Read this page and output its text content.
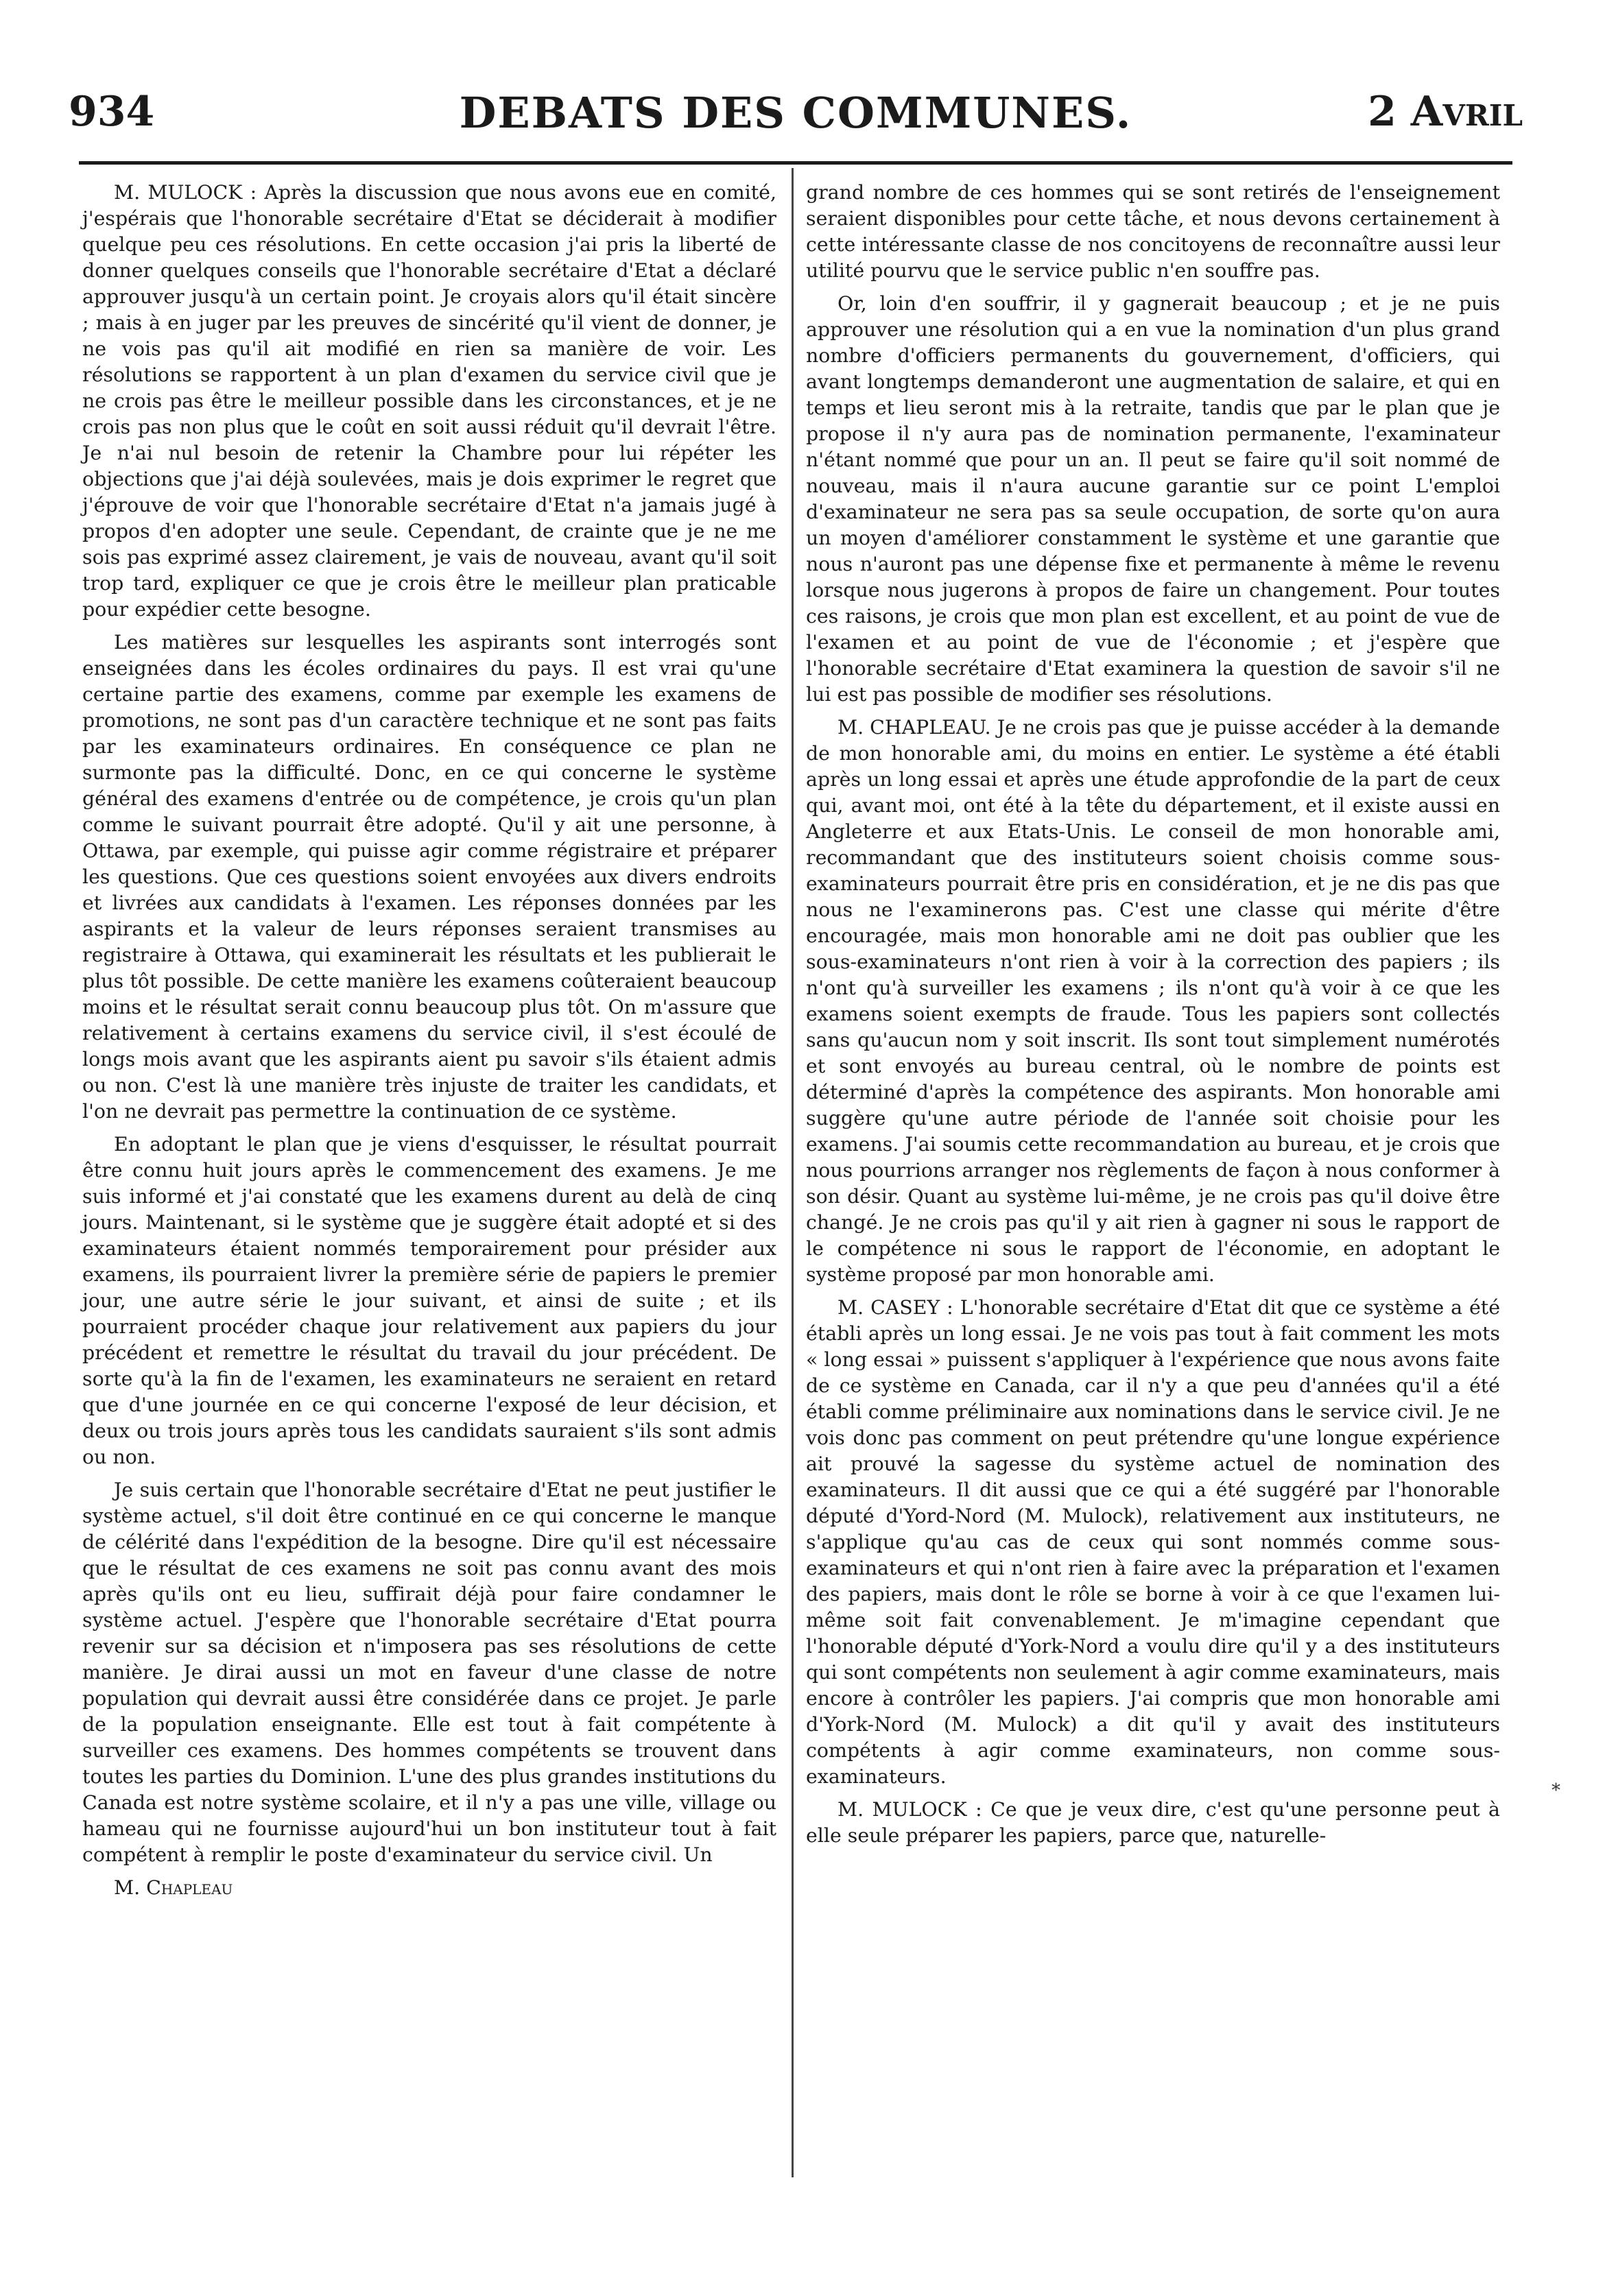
934	DEBATS DES COMMUNES.	2 Avril

M. MULOCK : Après la discussion que nous avons eue en comité, j'espérais que l'honorable secrétaire d'Etat se déciderait à modifier quelque peu ces résolutions. En cette occasion j'ai pris la liberté de donner quelques conseils que l'honorable secrétaire d'Etat a déclaré approuver jusqu'à un certain point. Je croyais alors qu'il était sincère ; mais à en juger par les preuves de sincérité qu'il vient de donner, je ne vois pas qu'il ait modifié en rien sa manière de voir. Les résolutions se rapportent à un plan d'examen du service civil que je ne crois pas être le meilleur possible dans les circonstances, et je ne crois pas non plus que le coût en soit aussi réduit qu'il devrait l'être. Je n'ai nul besoin de retenir la Chambre pour lui répéter les objections que j'ai déjà soulevées, mais je dois exprimer le regret que j'éprouve de voir que l'honorable secrétaire d'Etat n'a jamais jugé à propos d'en adopter une seule. Cependant, de crainte que je ne me sois pas exprimé assez clairement, je vais de nouveau, avant qu'il soit trop tard, expliquer ce que je crois être le meilleur plan praticable pour expédier cette besogne.

Les matières sur lesquelles les aspirants sont interrogés sont enseignées dans les écoles ordinaires du pays. Il est vrai qu'une certaine partie des examens, comme par exemple les examens de promotions, ne sont pas d'un caractère technique et ne sont pas faits par les examinateurs ordinaires. En conséquence ce plan ne surmonte pas la difficulté. Donc, en ce qui concerne le système général des examens d'entrée ou de compétence, je crois qu'un plan comme le suivant pourrait être adopté. Qu'il y ait une personne, à Ottawa, par exemple, qui puisse agir comme régistraire et préparer les questions. Que ces questions soient envoyées aux divers endroits et livrées aux candidats à l'examen. Les réponses données par les aspirants et la valeur de leurs réponses seraient transmises au registraire à Ottawa, qui examinerait les résultats et les publierait le plus tôt possible. De cette manière les examens coûteraient beaucoup moins et le résultat serait connu beaucoup plus tôt. On m'assure que relativement à certains examens du service civil, il s'est écoulé de longs mois avant que les aspirants aient pu savoir s'ils étaient admis ou non. C'est là une manière très injuste de traiter les candidats, et l'on ne devrait pas permettre la continuation de ce système.

En adoptant le plan que je viens d'esquisser, le résultat pourrait être connu huit jours après le commencement des examens. Je me suis informé et j'ai constaté que les examens durent au delà de cinq jours. Maintenant, si le système que je suggère était adopté et si des examinateurs étaient nommés temporairement pour présider aux examens, ils pourraient livrer la première série de papiers le premier jour, une autre série le jour suivant, et ainsi de suite ; et ils pourraient procéder chaque jour relativement aux papiers du jour précédent et remettre le résultat du travail du jour précédent. De sorte qu'à la fin de l'examen, les examinateurs ne seraient en retard que d'une journée en ce qui concerne l'exposé de leur décision, et deux ou trois jours après tous les candidats sauraient s'ils sont admis ou non.

Je suis certain que l'honorable secrétaire d'Etat ne peut justifier le système actuel, s'il doit être continué en ce qui concerne le manque de célérité dans l'expédition de la besogne. Dire qu'il est nécessaire que le résultat de ces examens ne soit pas connu avant des mois après qu'ils ont eu lieu, suffirait déjà pour faire condamner le système actuel. J'espère que l'honorable secrétaire d'Etat pourra revenir sur sa décision et n'imposera pas ses résolutions de cette manière. Je dirai aussi un mot en faveur d'une classe de notre population qui devrait aussi être considérée dans ce projet. Je parle de la population enseignante. Elle est tout à fait compétente à surveiller ces examens. Des hommes compétents se trouvent dans toutes les parties du Dominion. L'une des plus grandes institutions du Canada est notre système scolaire, et il n'y a pas une ville, village ou hameau qui ne fournisse aujourd'hui un bon instituteur tout à fait compétent à remplir le poste d'examinateur du service civil. Un

M. Chapleau

grand nombre de ces hommes qui se sont retirés de l'enseignement seraient disponibles pour cette tâche, et nous devons certainement à cette intéressante classe de nos concitoyens de reconnaître aussi leur utilité pourvu que le service public n'en souffre pas.

Or, loin d'en souffrir, il y gagnerait beaucoup ; et je ne puis approuver une résolution qui a en vue la nomination d'un plus grand nombre d'officiers permanents du gouvernement, d'officiers, qui avant longtemps demanderont une augmentation de salaire, et qui en temps et lieu seront mis à la retraite, tandis que par le plan que je propose il n'y aura pas de nomination permanente, l'examinateur n'étant nommé que pour un an. Il peut se faire qu'il soit nommé de nouveau, mais il n'aura aucune garantie sur ce point L'emploi d'examinateur ne sera pas sa seule occupation, de sorte qu'on aura un moyen d'améliorer constamment le système et une garantie que nous n'auront pas une dépense fixe et permanente à même le revenu lorsque nous jugerons à propos de faire un changement. Pour toutes ces raisons, je crois que mon plan est excellent, et au point de vue de l'examen et au point de vue de l'économie ; et j'espère que l'honorable secrétaire d'Etat examinera la question de savoir s'il ne lui est pas possible de modifier ses résolutions.

M. CHAPLEAU. Je ne crois pas que je puisse accéder à la demande de mon honorable ami, du moins en entier. Le système a été établi après un long essai et après une étude approfondie de la part de ceux qui, avant moi, ont été à la tête du département, et il existe aussi en Angleterre et aux Etats-Unis. Le conseil de mon honorable ami, recommandant que des instituteurs soient choisis comme sous-examinateurs pourrait être pris en considération, et je ne dis pas que nous ne l'examinerons pas. C'est une classe qui mérite d'être encouragée, mais mon honorable ami ne doit pas oublier que les sous-examinateurs n'ont rien à voir à la correction des papiers ; ils n'ont qu'à surveiller les examens ; ils n'ont qu'à voir à ce que les examens soient exempts de fraude. Tous les papiers sont collectés sans qu'aucun nom y soit inscrit. Ils sont tout simplement numérotés et sont envoyés au bureau central, où le nombre de points est déterminé d'après la compétence des aspirants. Mon honorable ami suggère qu'une autre période de l'année soit choisie pour les examens. J'ai soumis cette recommandation au bureau, et je crois que nous pourrions arranger nos règlements de façon à nous conformer à son désir. Quant au système lui-même, je ne crois pas qu'il doive être changé. Je ne crois pas qu'il y ait rien à gagner ni sous le rapport de le compétence ni sous le rapport de l'économie, en adoptant le système proposé par mon honorable ami.

M. CASEY : L'honorable secrétaire d'Etat dit que ce système a été établi après un long essai. Je ne vois pas tout à fait comment les mots « long essai » puissent s'appliquer à l'expérience que nous avons faite de ce système en Canada, car il n'y a que peu d'années qu'il a été établi comme préliminaire aux nominations dans le service civil. Je ne vois donc pas comment on peut prétendre qu'une longue expérience ait prouvé la sagesse du système actuel de nomination des examinateurs. Il dit aussi que ce qui a été suggéré par l'honorable député d'Yord-Nord (M. Mulock), relativement aux instituteurs, ne s'applique qu'au cas de ceux qui sont nommés comme sous-examinateurs et qui n'ont rien à faire avec la préparation et l'examen des papiers, mais dont le rôle se borne à voir à ce que l'examen lui-même soit fait convenablement. Je m'imagine cependant que l'honorable député d'York-Nord a voulu dire qu'il y a des instituteurs qui sont compétents non seulement à agir comme examinateurs, mais encore à contrôler les papiers. J'ai compris que mon honorable ami d'York-Nord (M. Mulock) a dit qu'il y avait des instituteurs compétents à agir comme examinateurs, non comme sous-examinateurs.

M. MULOCK : Ce que je veux dire, c'est qu'une personne peut à elle seule préparer les papiers, parce que, naturelle-

*
